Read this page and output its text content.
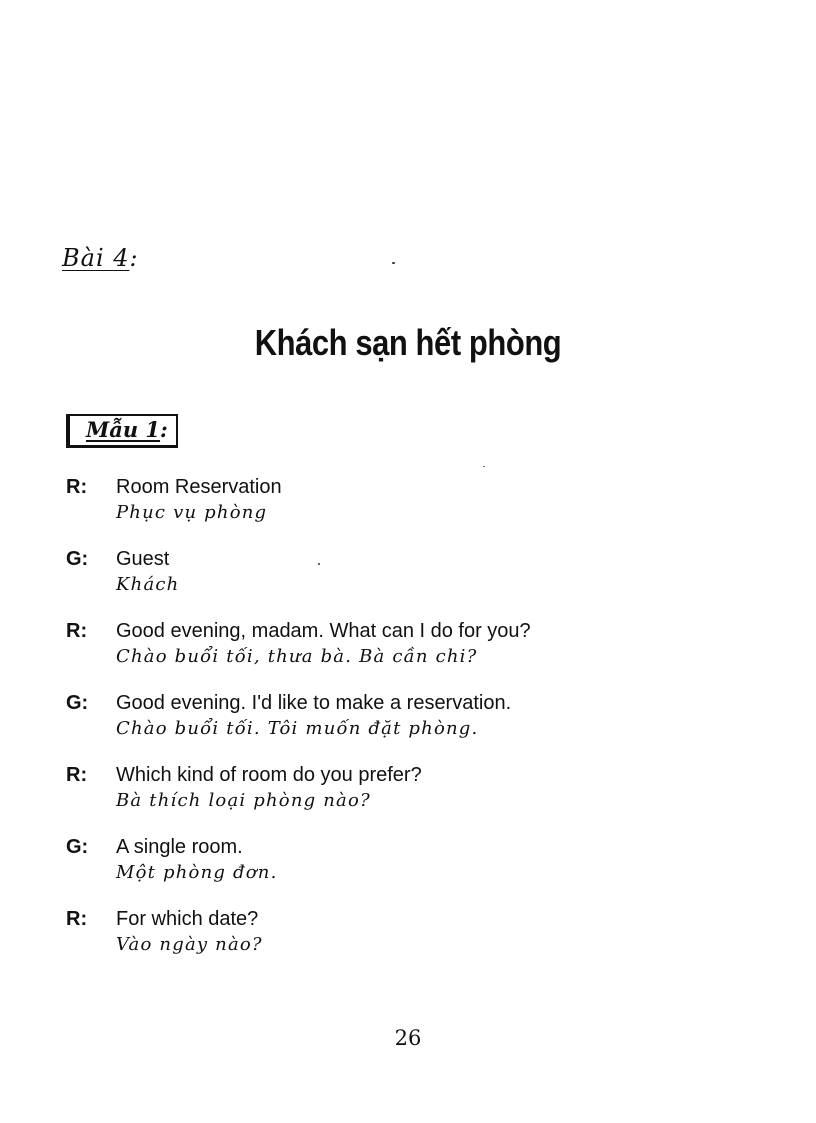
Bài 4:
Khách sạn hết phòng
Mẫu 1:
R:	Room Reservation
Phục vụ phòng
G:	Guest
Khách
R:	Good evening, madam. What can I do for you?
Chào buổi tối, thưa bà. Bà cần chi?
G:	Good evening. I'd like to make a reservation.
Chào buổi tối. Tôi muốn đặt phòng.
R:	Which kind of room do you prefer?
Bà thích loại phòng nào?
G:	A single room.
Một phòng đơn.
R:	For which date?
Vào ngày nào?
26
